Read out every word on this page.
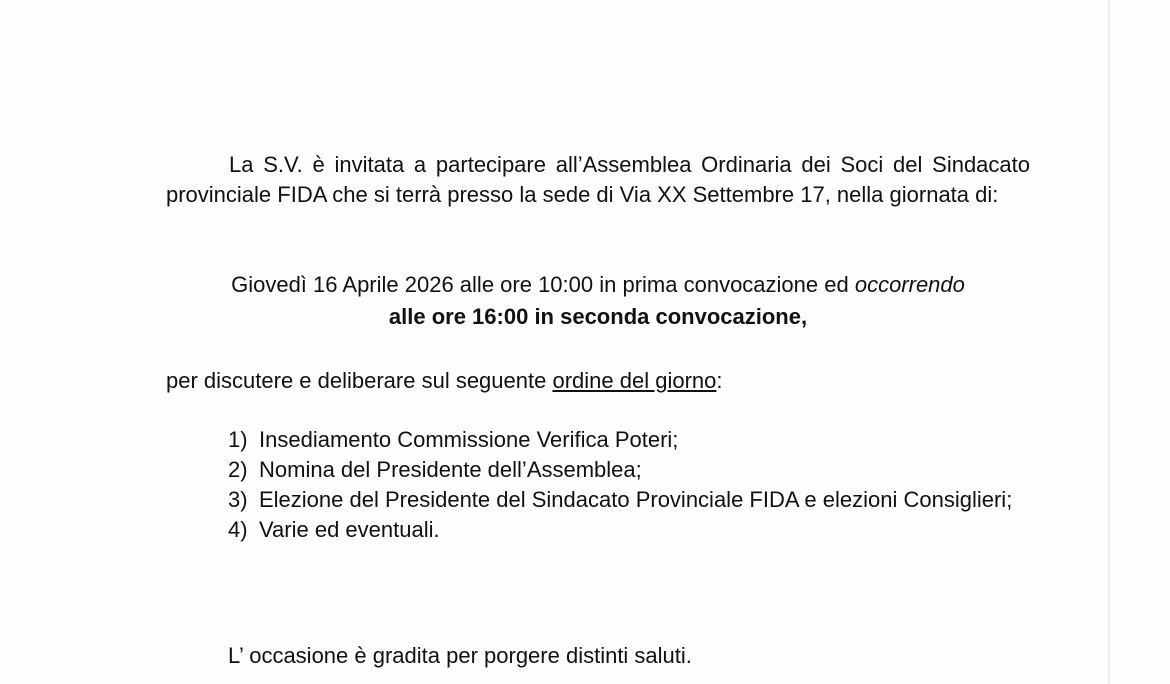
La S.V. è invitata a partecipare all’Assemblea Ordinaria dei Soci del Sindacato provinciale FIDA che si terrà presso la sede di Via XX Settembre 17, nella giornata di:

Giovedì 16 Aprile 2026 alle ore 10:00 in prima convocazione ed occorrendo

alle ore 16:00 in seconda convocazione,

per discutere e deliberare sul seguente ordine del giorno:

1) Insediamento Commissione Verifica Poteri;
2) Nomina del Presidente dell’Assemblea;
3) Elezione del Presidente del Sindacato Provinciale FIDA e elezioni Consiglieri;
4) Varie ed eventuali.

L’ occasione è gradita per porgere distinti saluti.
